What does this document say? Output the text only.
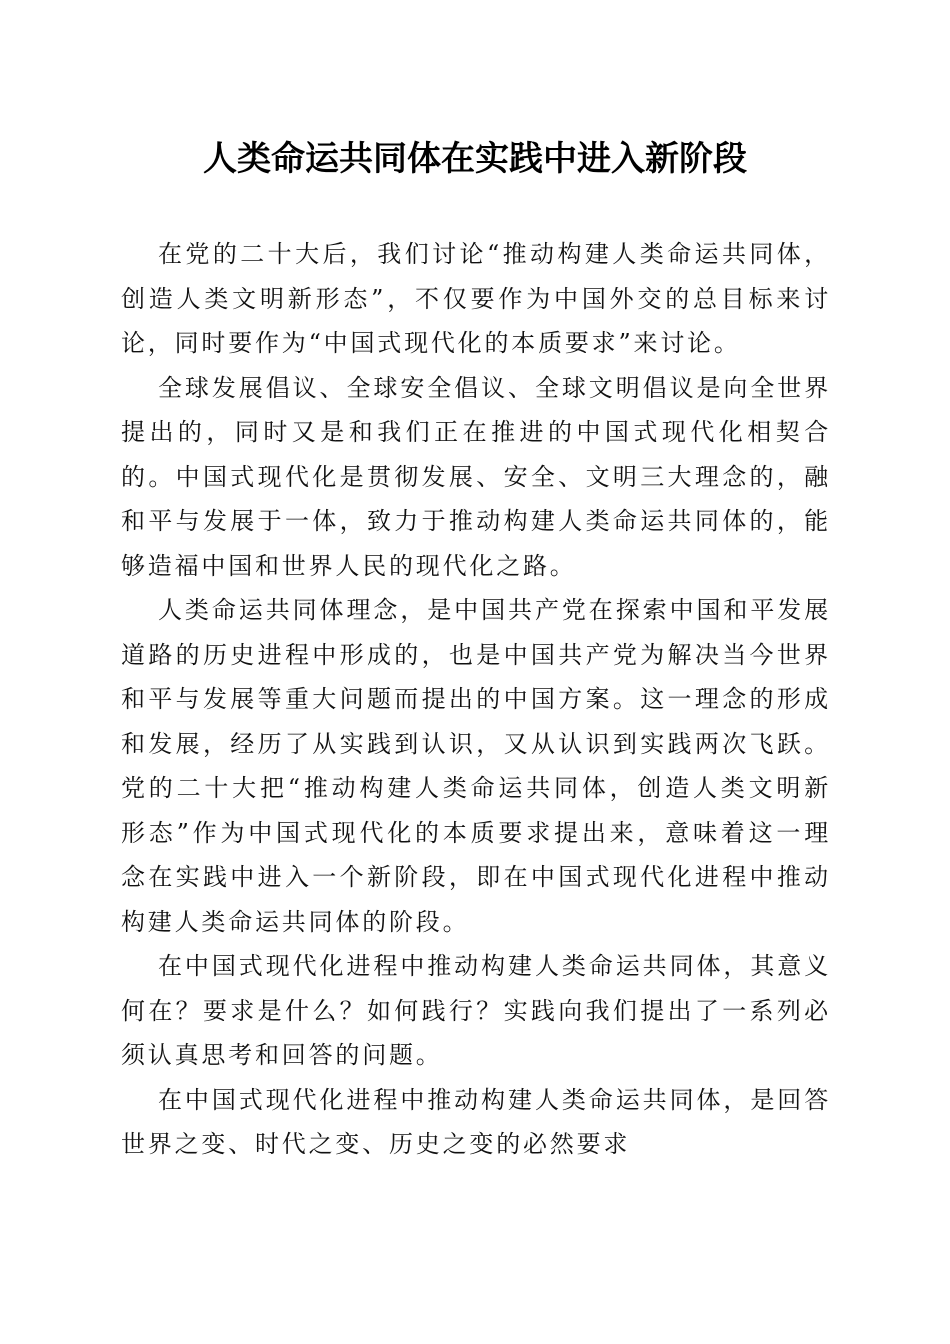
人类命运共同体在实践中进入新阶段

在党的二十大后，我们讨论“推动构建人类命运共同体，创造人类文明新形态”，不仅要作为中国外交的总目标来讨论，同时要作为“中国式现代化的本质要求”来讨论。

全球发展倡议、全球安全倡议、全球文明倡议是向全世界提出的，同时又是和我们正在推进的中国式现代化相契合的。中国式现代化是贯彻发展、安全、文明三大理念的，融和平与发展于一体，致力于推动构建人类命运共同体的，能够造福中国和世界人民的现代化之路。

人类命运共同体理念，是中国共产党在探索中国和平发展道路的历史进程中形成的，也是中国共产党为解决当今世界和平与发展等重大问题而提出的中国方案。这一理念的形成和发展，经历了从实践到认识，又从认识到实践两次飞跃。党的二十大把“推动构建人类命运共同体，创造人类文明新形态”作为中国式现代化的本质要求提出来，意味着这一理念在实践中进入一个新阶段，即在中国式现代化进程中推动构建人类命运共同体的阶段。

在中国式现代化进程中推动构建人类命运共同体，其意义何在？要求是什么？如何践行？实践向我们提出了一系列必须认真思考和回答的问题。

在中国式现代化进程中推动构建人类命运共同体，是回答世界之变、时代之变、历史之变的必然要求
